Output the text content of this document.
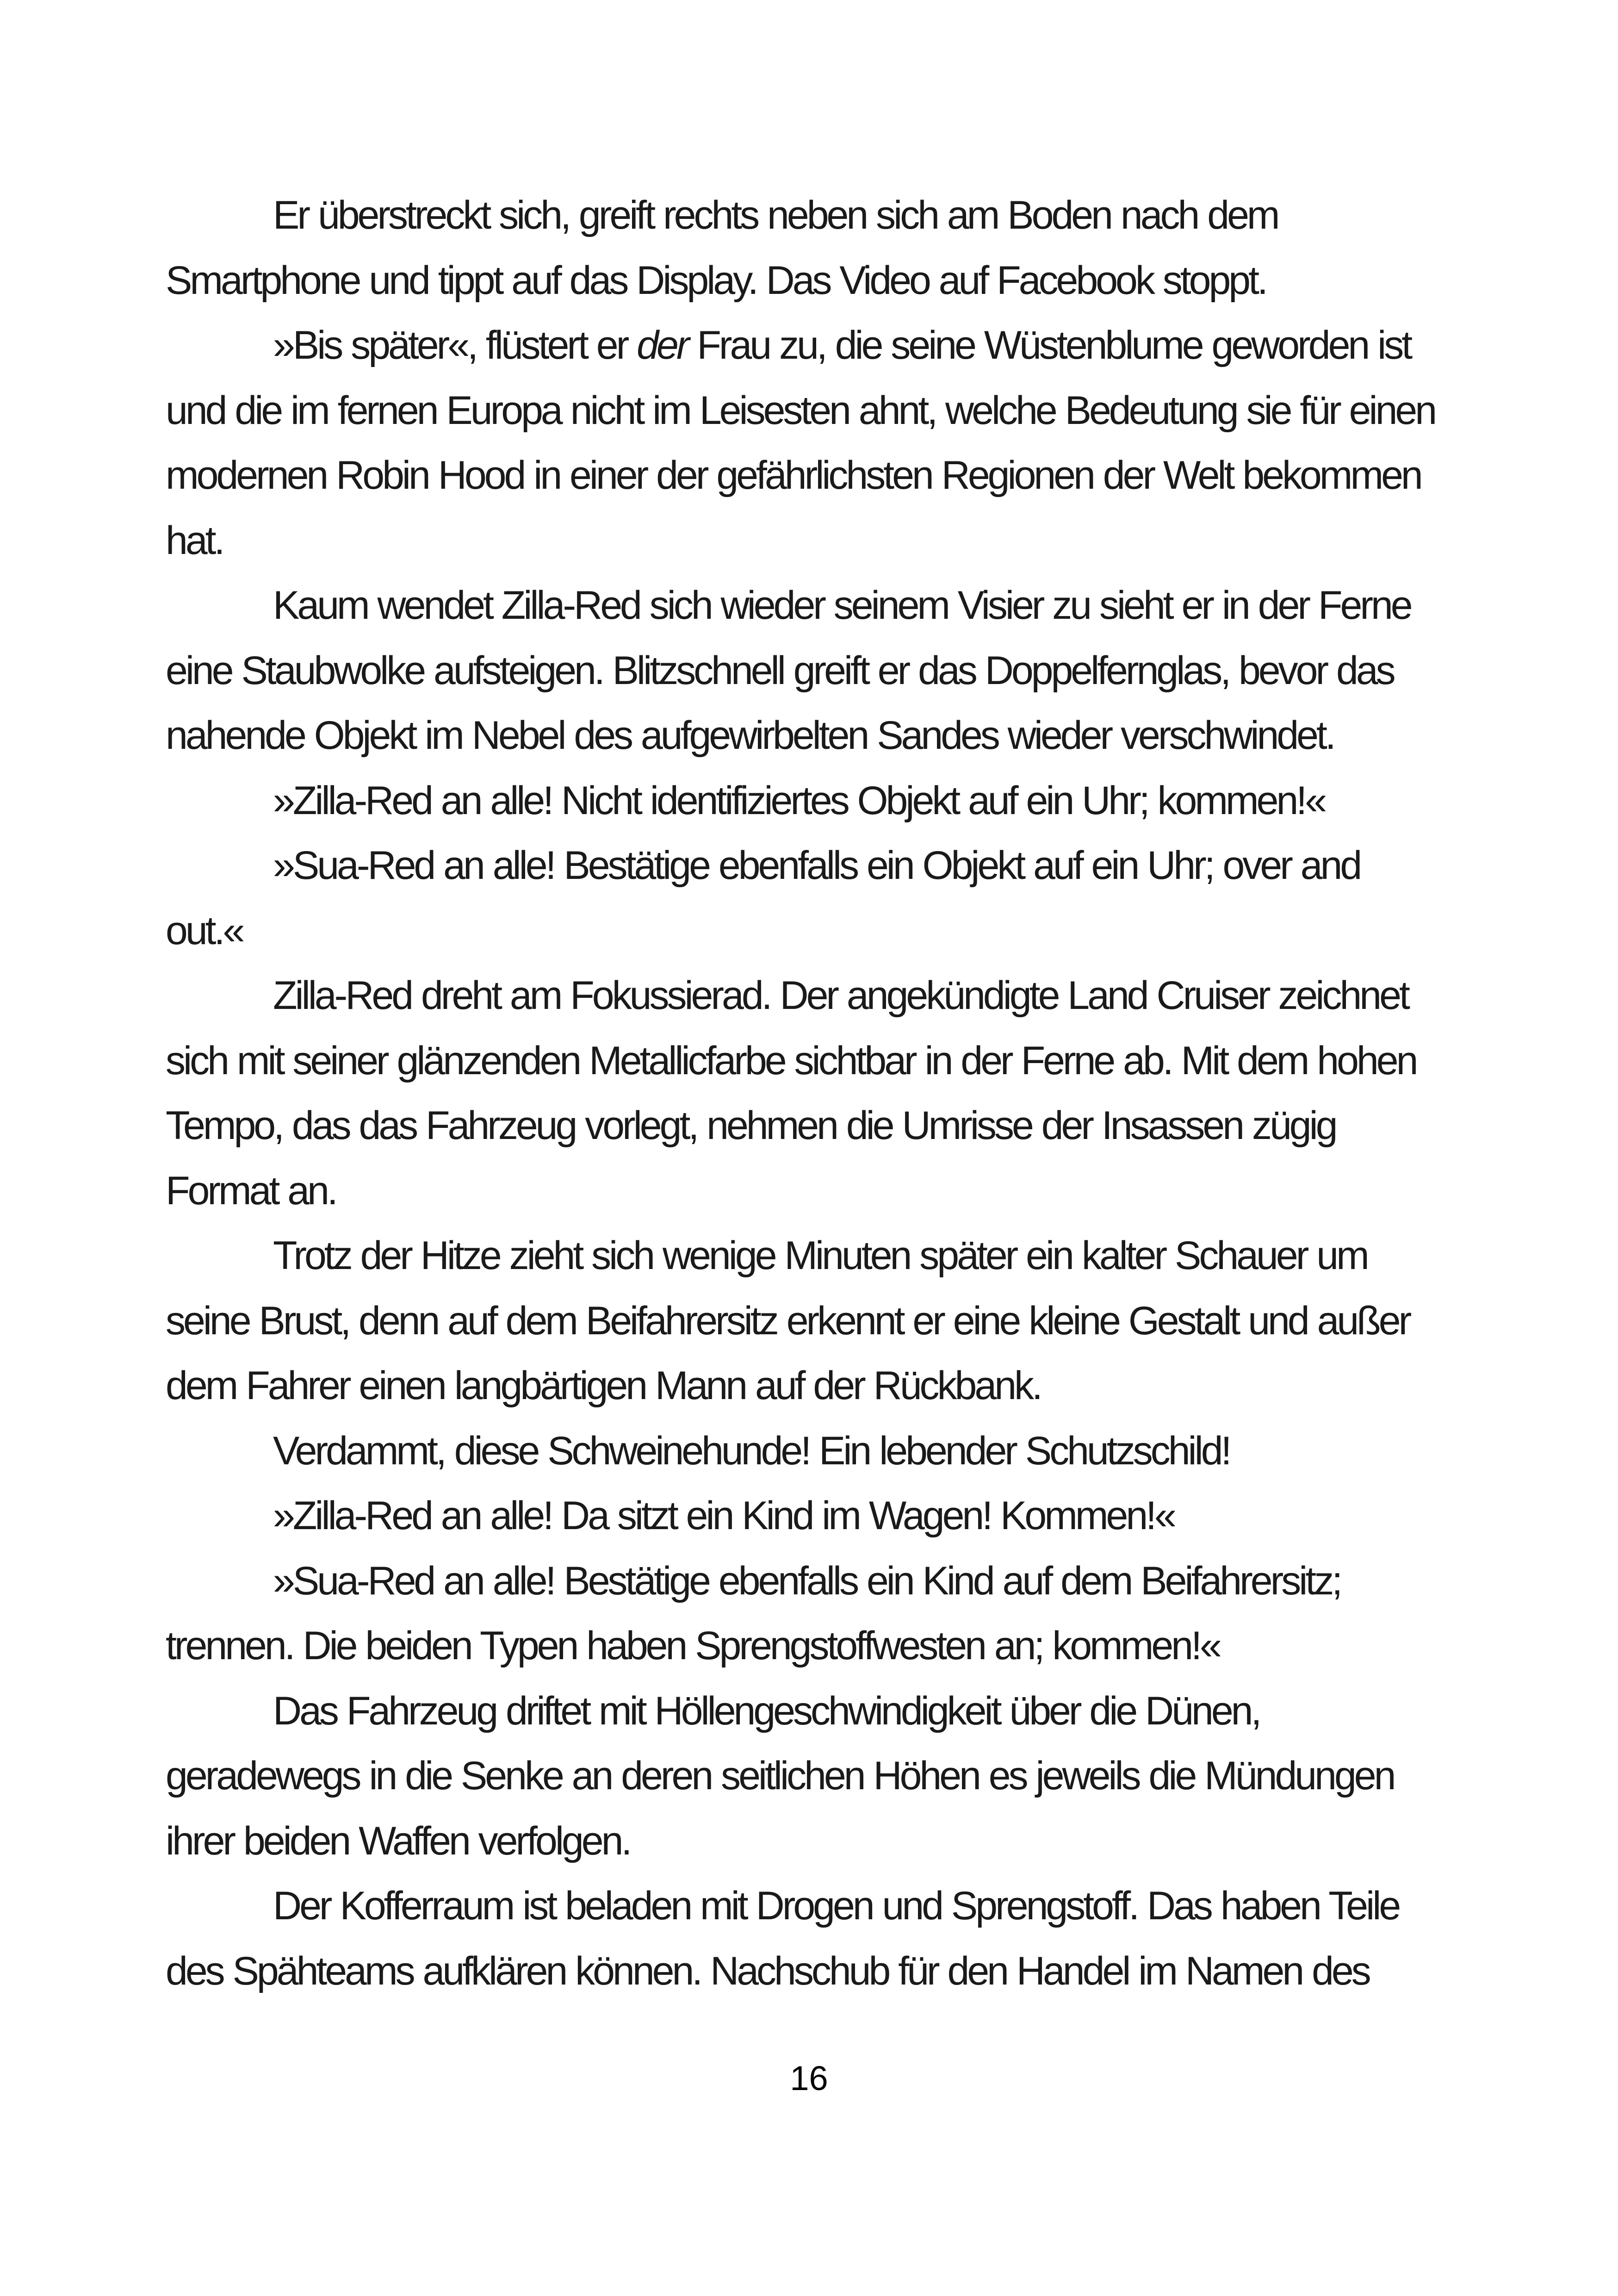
Er überstreckt sich, greift rechts neben sich am Boden nach dem Smartphone und tippt auf das Display. Das Video auf Facebook stoppt.

»Bis später«, flüstert er der Frau zu, die seine Wüstenblume geworden ist und die im fernen Europa nicht im Leisesten ahnt, welche Bedeutung sie für einen modernen Robin Hood in einer der gefährlichsten Regionen der Welt bekommen hat.

Kaum wendet Zilla-Red sich wieder seinem Visier zu sieht er in der Ferne eine Staubwolke aufsteigen. Blitzschnell greift er das Doppelfernglas, bevor das nahende Objekt im Nebel des aufgewirbelten Sandes wieder verschwindet.

»Zilla-Red an alle! Nicht identifiziertes Objekt auf ein Uhr; kommen!«

»Sua-Red an alle! Bestätige ebenfalls ein Objekt auf ein Uhr; over and out.«

Zilla-Red dreht am Fokussierad. Der angekündigte Land Cruiser zeichnet sich mit seiner glänzenden Metallicfarbe sichtbar in der Ferne ab. Mit dem hohen Tempo, das das Fahrzeug vorlegt, nehmen die Umrisse der Insassen zügig Format an.

Trotz der Hitze zieht sich wenige Minuten später ein kalter Schauer um seine Brust, denn auf dem Beifahrersitz erkennt er eine kleine Gestalt und außer dem Fahrer einen langbärtigen Mann auf der Rückbank.

Verdammt, diese Schweinehunde! Ein lebender Schutzschild!

»Zilla-Red an alle! Da sitzt ein Kind im Wagen! Kommen!«

»Sua-Red an alle! Bestätige ebenfalls ein Kind auf dem Beifahrersitz; trennen. Die beiden Typen haben Sprengstoffwesten an; kommen!«

Das Fahrzeug driftet mit Höllengeschwindigkeit über die Dünen, geradewegs in die Senke an deren seitlichen Höhen es jeweils die Mündungen ihrer beiden Waffen verfolgen.

Der Kofferraum ist beladen mit Drogen und Sprengstoff. Das haben Teile des Spähteams aufklären können. Nachschub für den Handel im Namen des

16
